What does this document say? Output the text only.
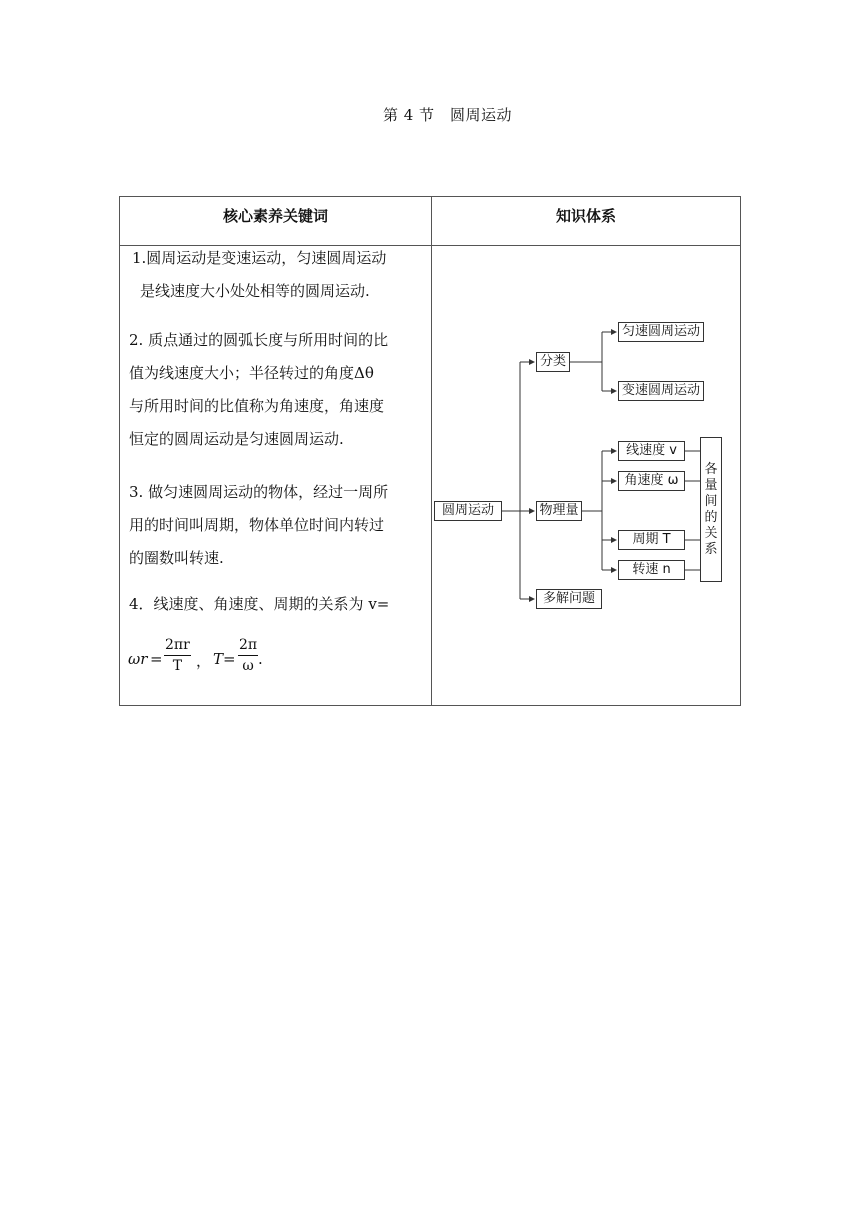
第 4 节　圆周运动
核心素养关键词	知识体系
1.圆周运动是变速运动，匀速圆周运动
是线速度大小处处相等的圆周运动.
2. 质点通过的圆弧长度与所用时间的比
值为线速度大小；半径转过的角度Δθ
与所用时间的比值称为角速度，角速度
恒定的圆周运动是匀速圆周运动.
3. 做匀速圆周运动的物体，经过一周所
用的时间叫周期，物体单位时间内转过
的圈数叫转速.
4．线速度、角速度、周期的关系为 v=
$\omega r = \frac{2\pi r}{T}$ ， $T = \frac{2\pi}{\omega}$ .
圆周运动
分类
匀速圆周运动
变速圆周运动
物理量
线速度 v
角速度 ω
周期 T
转速 n
多解问题
各
量
间
的
关
系
